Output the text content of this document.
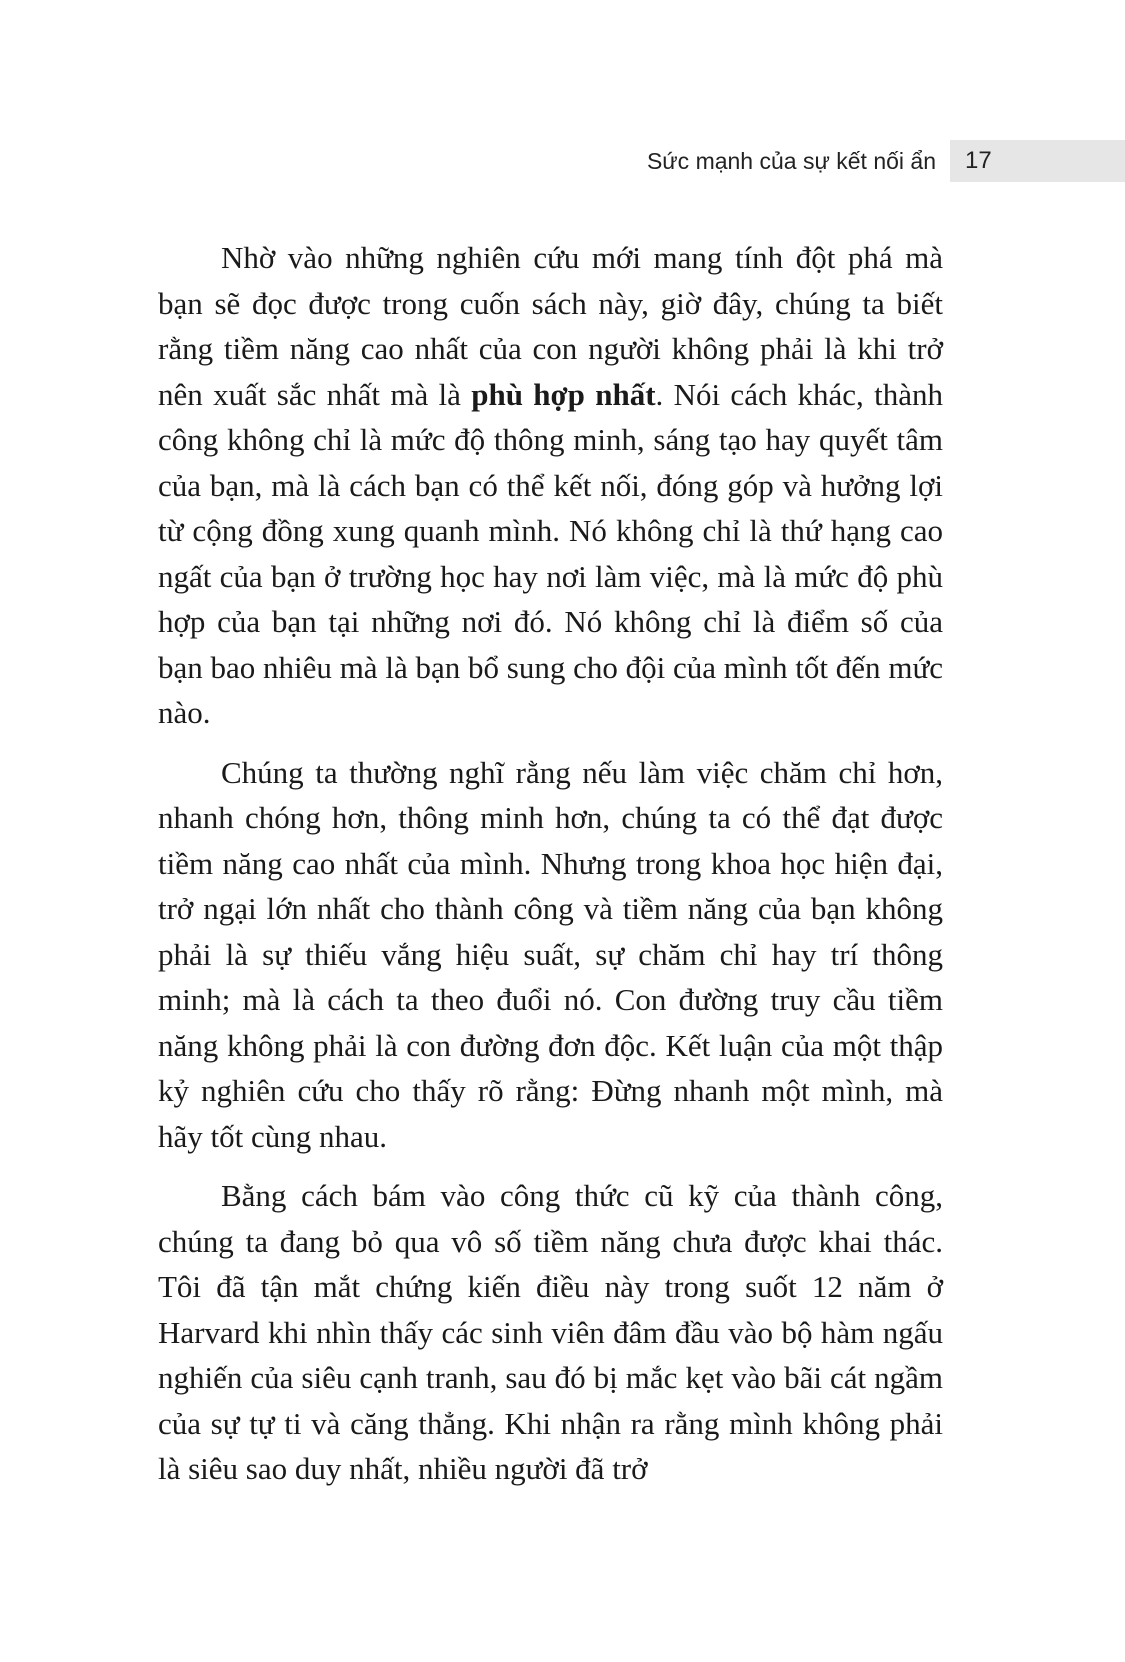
Sức mạnh của sự kết nối ẩn	17

Nhờ vào những nghiên cứu mới mang tính đột phá mà bạn sẽ đọc được trong cuốn sách này, giờ đây, chúng ta biết rằng tiềm năng cao nhất của con người không phải là khi trở nên xuất sắc nhất mà là phù hợp nhất. Nói cách khác, thành công không chỉ là mức độ thông minh, sáng tạo hay quyết tâm của bạn, mà là cách bạn có thể kết nối, đóng góp và hưởng lợi từ cộng đồng xung quanh mình. Nó không chỉ là thứ hạng cao ngất của bạn ở trường học hay nơi làm việc, mà là mức độ phù hợp của bạn tại những nơi đó. Nó không chỉ là điểm số của bạn bao nhiêu mà là bạn bổ sung cho đội của mình tốt đến mức nào.

Chúng ta thường nghĩ rằng nếu làm việc chăm chỉ hơn, nhanh chóng hơn, thông minh hơn, chúng ta có thể đạt được tiềm năng cao nhất của mình. Nhưng trong khoa học hiện đại, trở ngại lớn nhất cho thành công và tiềm năng của bạn không phải là sự thiếu vắng hiệu suất, sự chăm chỉ hay trí thông minh; mà là cách ta theo đuổi nó. Con đường truy cầu tiềm năng không phải là con đường đơn độc. Kết luận của một thập kỷ nghiên cứu cho thấy rõ rằng: Đừng nhanh một mình, mà hãy tốt cùng nhau.

Bằng cách bám vào công thức cũ kỹ của thành công, chúng ta đang bỏ qua vô số tiềm năng chưa được khai thác. Tôi đã tận mắt chứng kiến điều này trong suốt 12 năm ở Harvard khi nhìn thấy các sinh viên đâm đầu vào bộ hàm ngấu nghiến của siêu cạnh tranh, sau đó bị mắc kẹt vào bãi cát ngầm của sự tự ti và căng thẳng. Khi nhận ra rằng mình không phải là siêu sao duy nhất, nhiều người đã trở
